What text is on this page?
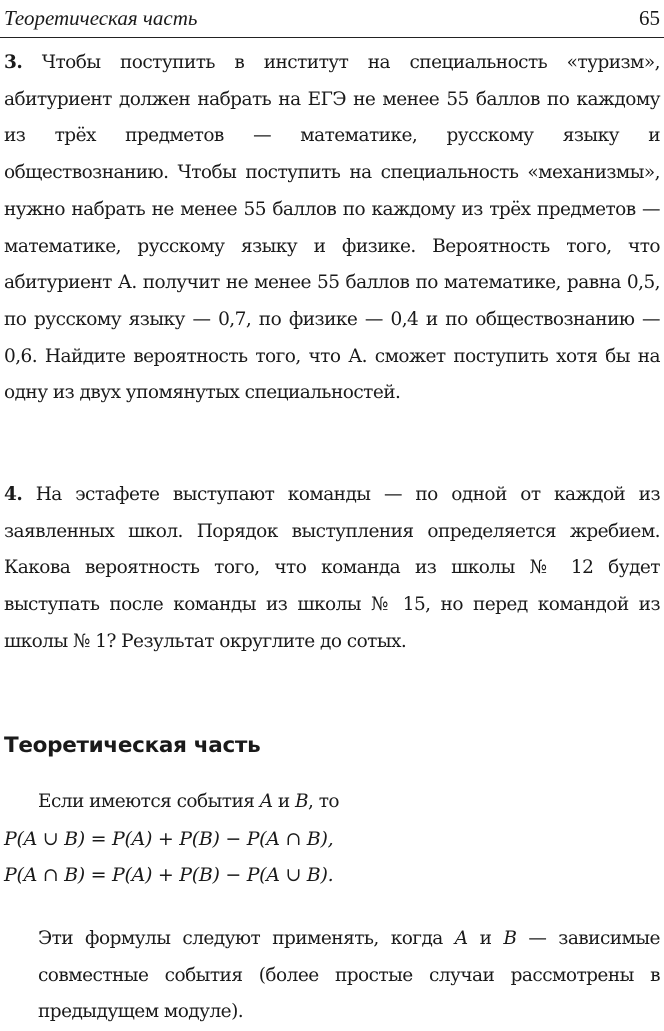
Теоретическая часть	65

3. Чтобы поступить в институт на специальность «туризм», абитуриент должен набрать на ЕГЭ не менее 55 баллов по каждому из трёх предметов — математике, русскому языку и обществознанию. Чтобы поступить на специальность «механизмы», нужно набрать не менее 55 баллов по каждому из трёх предметов — математике, русскому языку и физике. Вероятность того, что абитуриент А. получит не менее 55 баллов по математике, равна 0,5, по русскому языку — 0,7, по физике — 0,4 и по обществознанию — 0,6. Найдите вероятность того, что А. сможет поступить хотя бы на одну из двух упомянутых специальностей.

4. На эстафете выступают команды — по одной от каждой из заявленных школ. Порядок выступления определяется жребием. Какова вероятность того, что команда из школы № 12 будет выступать после команды из школы № 15, но перед командой из школы № 1? Результат округлите до сотых.

Теоретическая часть

Если имеются события A и B, то

P(A ∪ B) = P(A) + P(B) − P(A ∩ B),

P(A ∩ B) = P(A) + P(B) − P(A ∪ B).

Эти формулы следуют применять, когда A и B — зависимые совместные события (более простые случаи рассмотрены в предыдущем модуле).
